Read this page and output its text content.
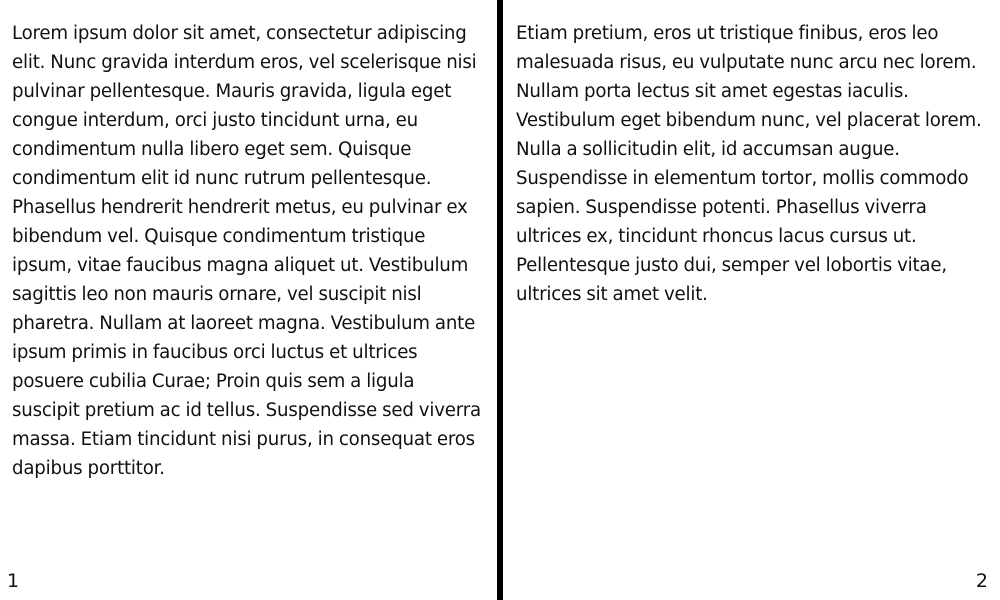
Lorem ipsum dolor sit amet, consectetur adipiscing elit. Nunc gravida interdum eros, vel scelerisque nisi pulvinar pellentesque. Mauris gravida, ligula eget congue interdum, orci justo tincidunt urna, eu condimentum nulla libero eget sem. Quisque condimentum elit id nunc rutrum pellentesque. Phasellus hendrerit hendrerit metus, eu pulvinar ex bibendum vel. Quisque condimentum tristique ipsum, vitae faucibus magna aliquet ut. Vestibulum sagittis leo non mauris ornare, vel suscipit nisl pharetra. Nullam at laoreet magna. Vestibulum ante ipsum primis in faucibus orci luctus et ultrices posuere cubilia Curae; Proin quis sem a ligula suscipit pretium ac id tellus. Suspendisse sed viverra massa. Etiam tincidunt nisi purus, in consequat eros dapibus porttitor.

1

Etiam pretium, eros ut tristique finibus, eros leo malesuada risus, eu vulputate nunc arcu nec lorem. Nullam porta lectus sit amet egestas iaculis. Vestibulum eget bibendum nunc, vel placerat lorem. Nulla a sollicitudin elit, id accumsan augue. Suspendisse in elementum tortor, mollis commodo sapien. Suspendisse potenti. Phasellus viverra ultrices ex, tincidunt rhoncus lacus cursus ut. Pellentesque justo dui, semper vel lobortis vitae, ultrices sit amet velit.

2
